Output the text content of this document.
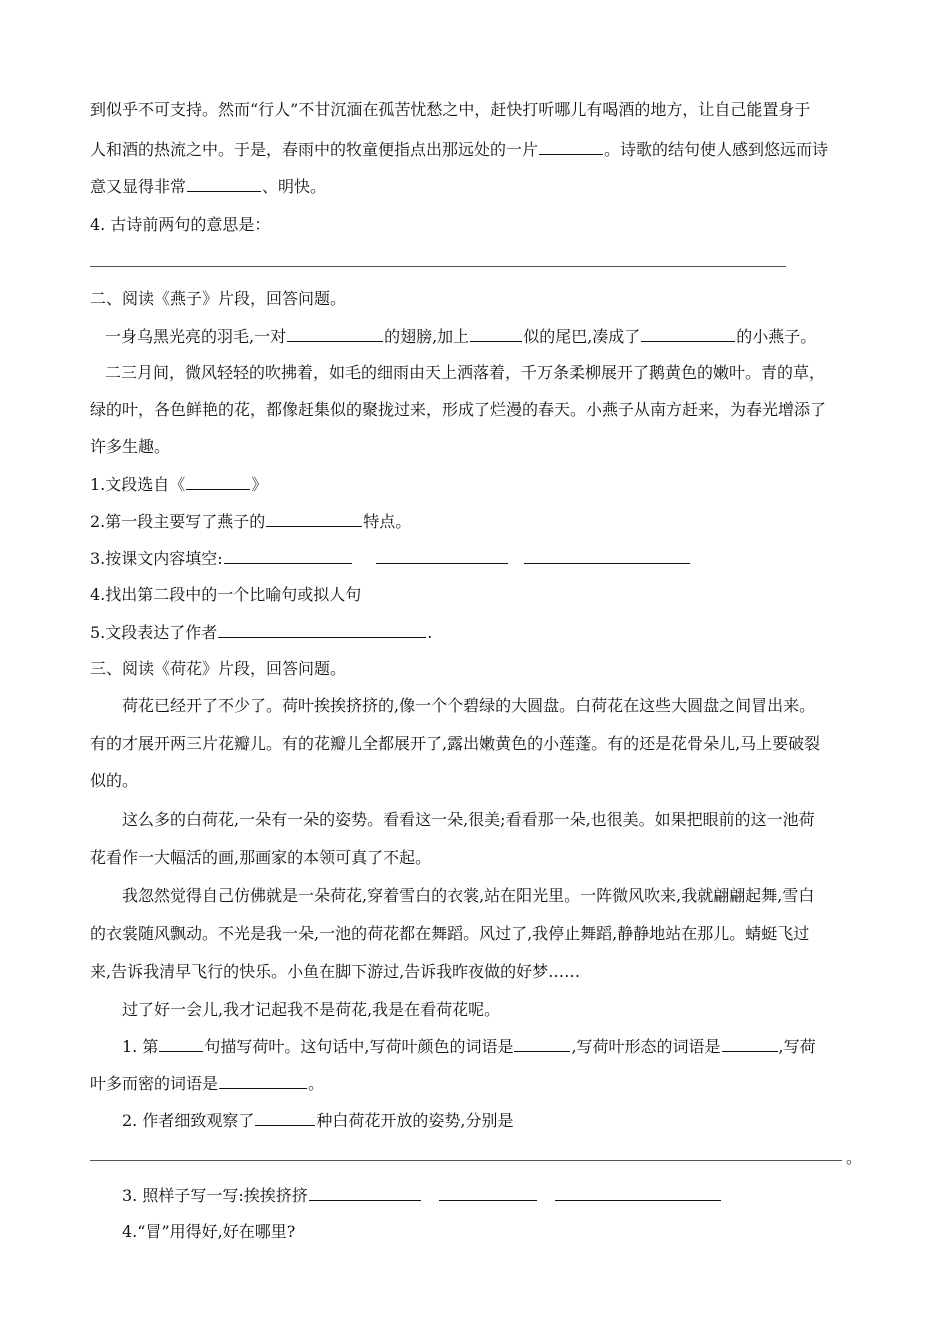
到似乎不可支持。然而“行人”不甘沉湎在孤苦忧愁之中，赶快打听哪儿有喝酒的地方，让自己能置身于
人和酒的热流之中。于是，春雨中的牧童便指点出那远处的一片	。诗歌的结句使人感到悠远而诗
意又显得非常	、明快。
4. 古诗前两句的意思是：
二、阅读《燕子》片段，回答问题。
一身乌黑光亮的羽毛,一对	的翅膀,加上	似的尾巴,凑成了	的小燕子。
二三月间，微风轻轻的吹拂着，如毛的细雨由天上洒落着，千万条柔柳展开了鹅黄色的嫩叶。青的草，
绿的叶，各色鲜艳的花，都像赶集似的聚拢过来，形成了烂漫的春天。小燕子从南方赶来，为春光增添了
许多生趣。
1.文段选自《	》
2.第一段主要写了燕子的	特点。
3.按课文内容填空:
4.找出第二段中的一个比喻句或拟人句
5.文段表达了作者	.
三、阅读《荷花》片段，回答问题。
荷花已经开了不少了。荷叶挨挨挤挤的,像一个个碧绿的大圆盘。白荷花在这些大圆盘之间冒出来。
有的才展开两三片花瓣儿。有的花瓣儿全都展开了,露出嫩黄色的小莲蓬。有的还是花骨朵儿,马上要破裂
似的。
这么多的白荷花,一朵有一朵的姿势。看看这一朵,很美;看看那一朵,也很美。如果把眼前的这一池荷
花看作一大幅活的画,那画家的本领可真了不起。
我忽然觉得自己仿佛就是一朵荷花,穿着雪白的衣裳,站在阳光里。一阵微风吹来,我就翩翩起舞,雪白
的衣裳随风飘动。不光是我一朵,一池的荷花都在舞蹈。风过了,我停止舞蹈,静静地站在那儿。蜻蜓飞过
来,告诉我清早飞行的快乐。小鱼在脚下游过,告诉我昨夜做的好梦……
过了好一会儿,我才记起我不是荷花,我是在看荷花呢。
1. 第	句描写荷叶。这句话中,写荷叶颜色的词语是	,写荷叶形态的词语是	,写荷
叶多而密的词语是	。
2. 作者细致观察了	种白荷花开放的姿势,分别是
。
3. 照样子写一写:挨挨挤挤
4.“冒”用得好,好在哪里?
